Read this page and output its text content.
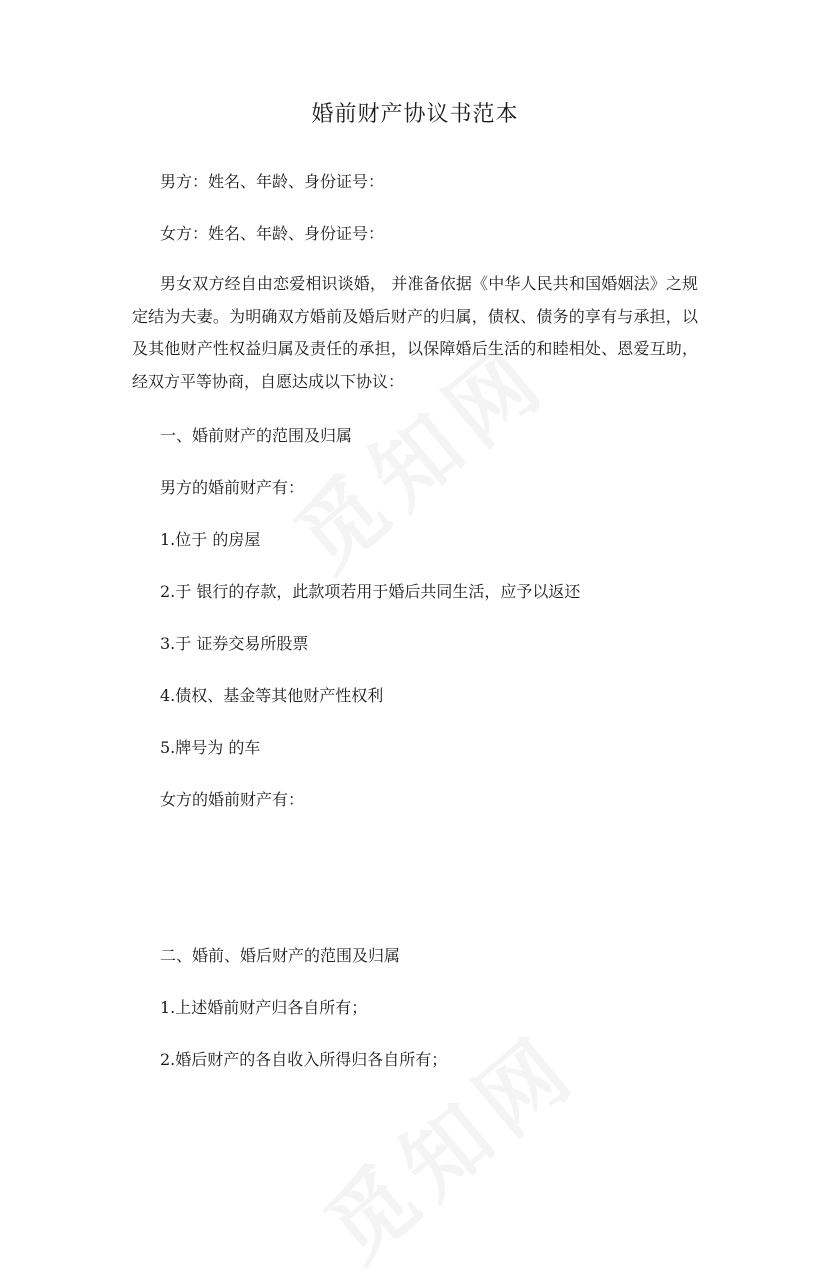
婚前财产协议书范本
男方：姓名、年龄、身份证号：
女方：姓名、年龄、身份证号：
男女双方经自由恋爱相识谈婚， 并准备依据《中华人民共和国婚姻法》之规定结为夫妻。为明确双方婚前及婚后财产的归属，债权、债务的享有与承担，以及其他财产性权益归属及责任的承担，以保障婚后生活的和睦相处、恩爱互助，经双方平等协商，自愿达成以下协议：
一、婚前财产的范围及归属
男方的婚前财产有：
1.位于 的房屋
2.于 银行的存款，此款项若用于婚后共同生活，应予以返还
3.于 证券交易所股票
4.债权、基金等其他财产性权利
5.牌号为 的车
女方的婚前财产有：
二、婚前、婚后财产的范围及归属
1.上述婚前财产归各自所有；
2.婚后财产的各自收入所得归各自所有；
